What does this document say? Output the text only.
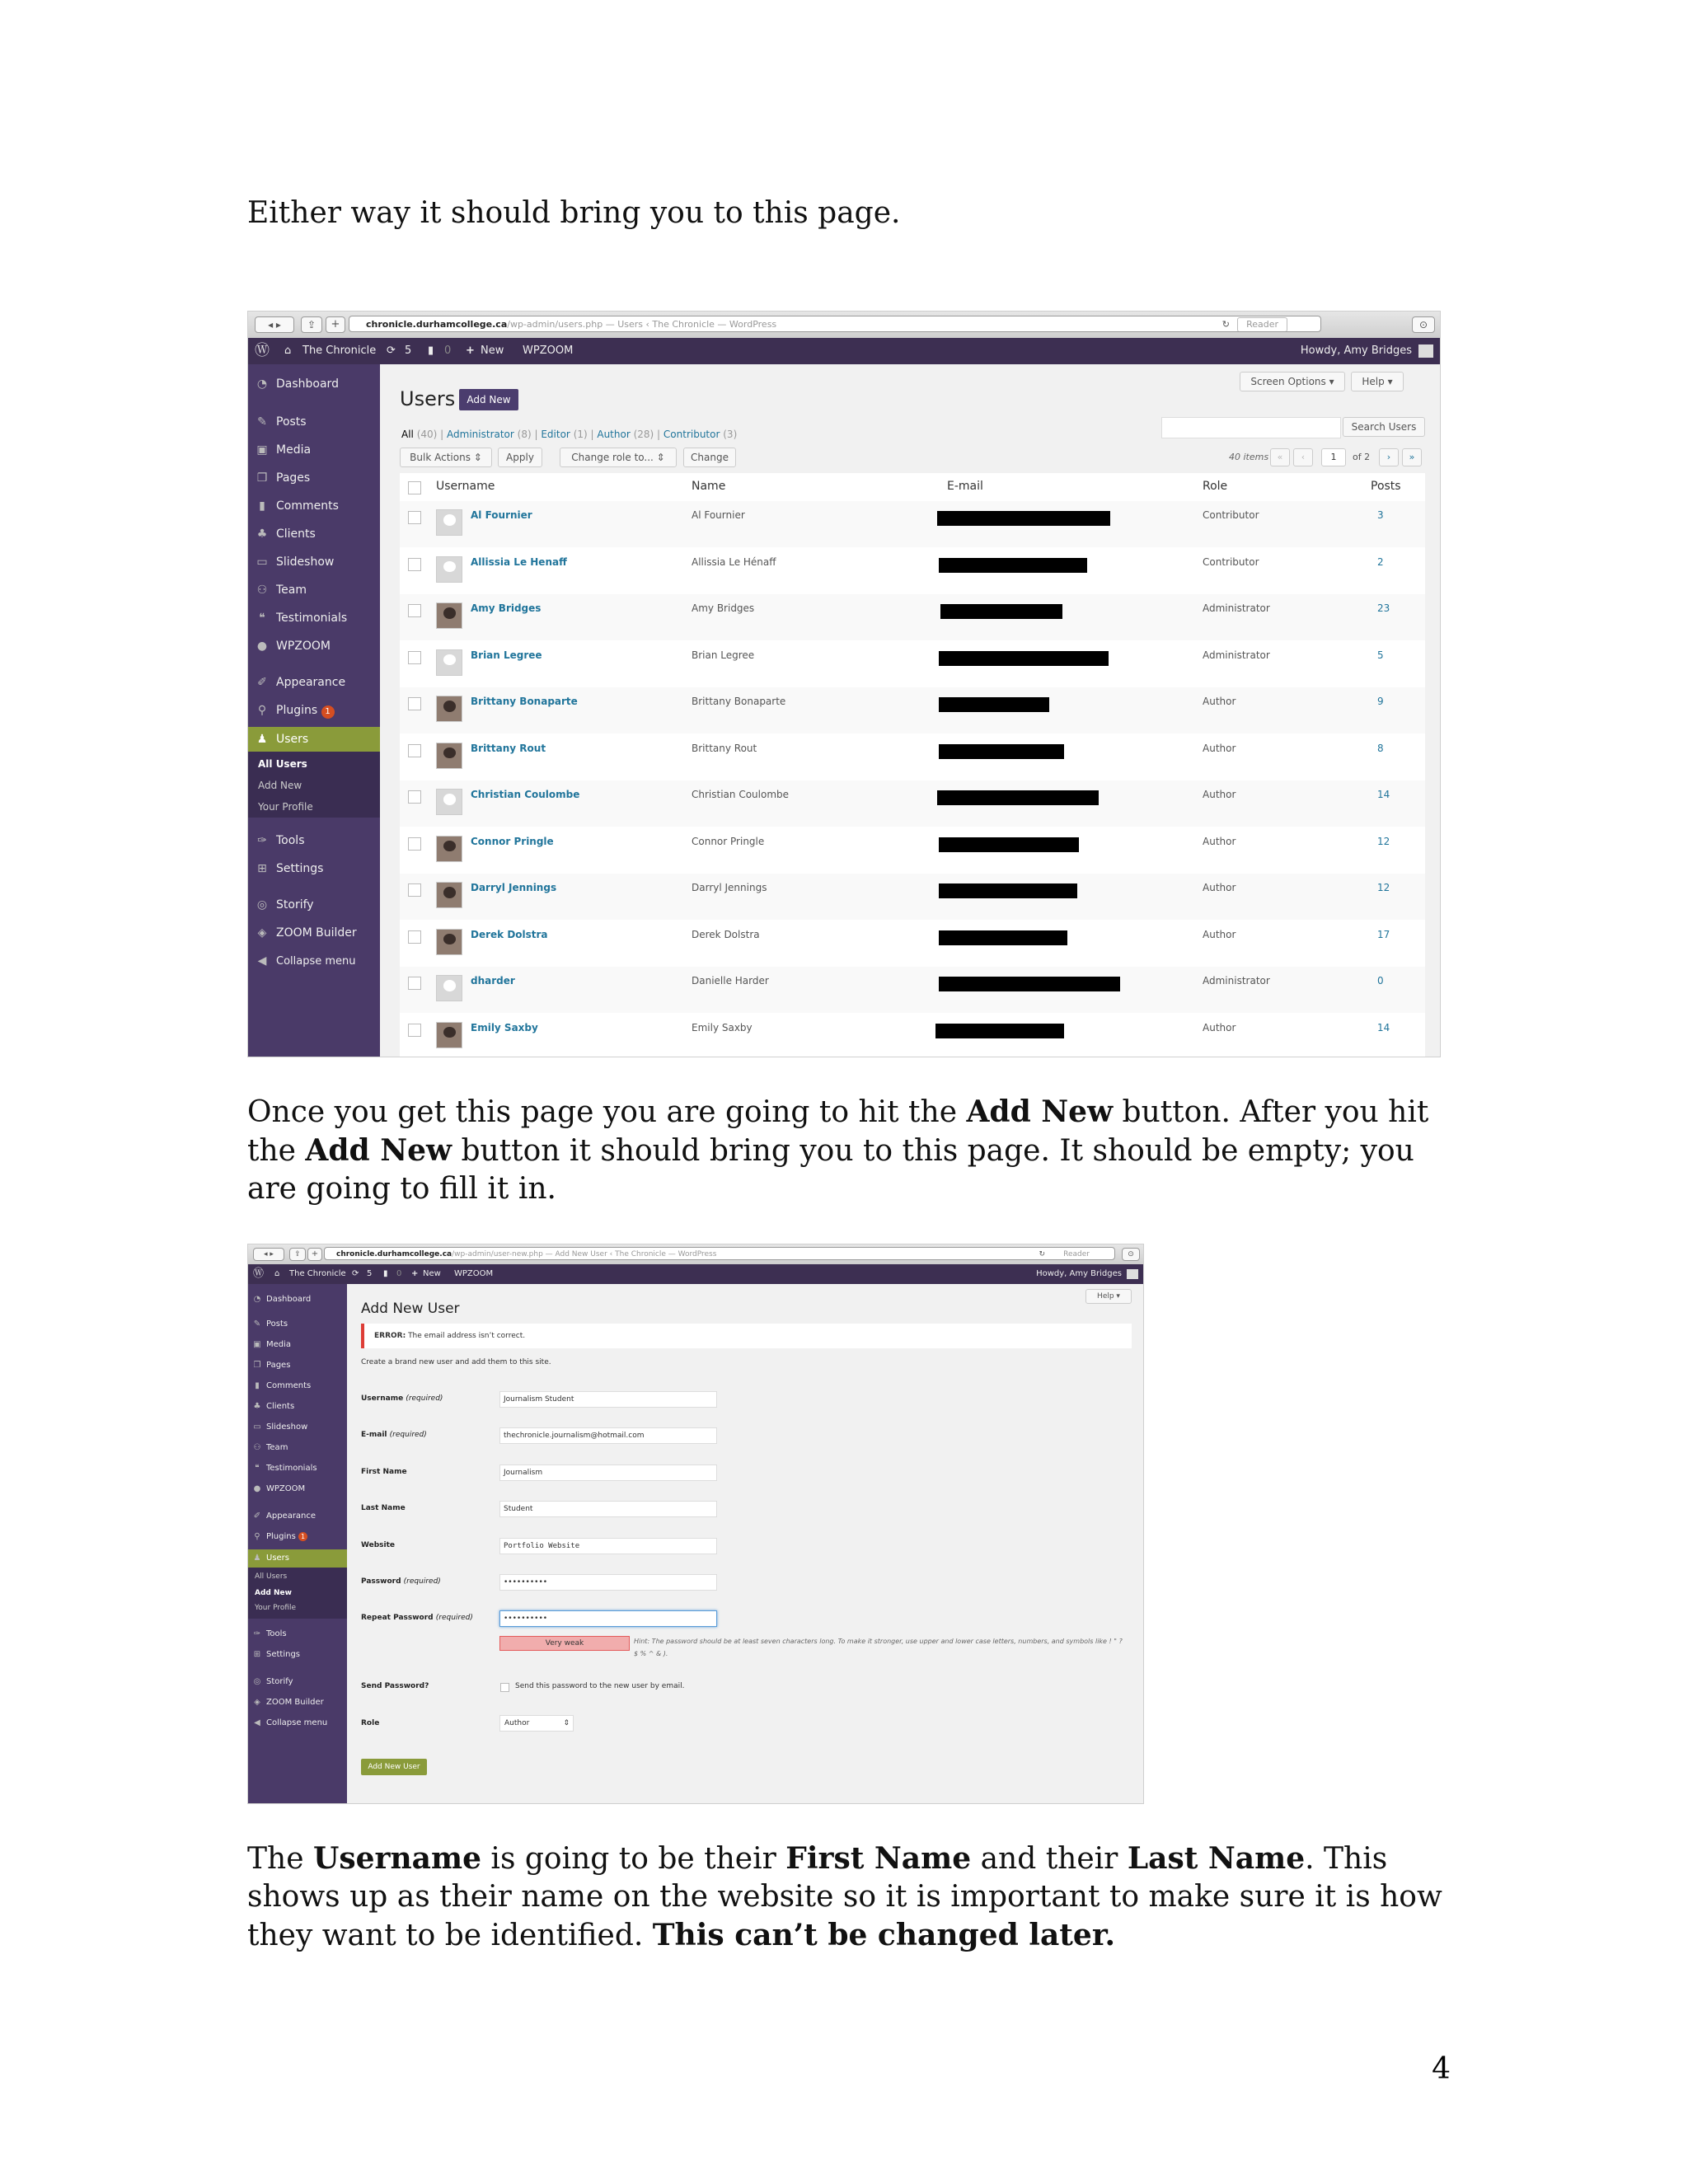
Either way it should bring you to this page.
◂ ▸	⇪	+	chronicle.durhamcollege.ca/wp-admin/users.php — Users ‹ The Chronicle — WordPress	↻	Reader	⊙
Ⓦ ⌂ The Chronicle ⟳ 5 ▮ 0 + New WPZOOM	Howdy, Amy Bridges
◔ Dashboard
✎ Posts
▣ Media
❐ Pages
▮ Comments
♣ Clients
▭ Slideshow
⚇ Team
❝ Testimonials
● WPZOOM
✐ Appearance
⚲ Plugins 1
♟ Users
All Users
Add New
Your Profile
✑ Tools
⊞ Settings
◎ Storify
◈ ZOOM Builder
◀ Collapse menu
Screen Options ▾	Help ▾
Users	Add New
All (40) | Administrator (8) | Editor (1) | Author (28) | Contributor (3)
Search Users
Bulk Actions ⇕	Apply	Change role to... ⇕	Change	40 items «	‹	1	of 2	›	»
Username	Name	E-mail	Role	Posts
Al Fournier	Al Fournier	Contributor	3
Allissia Le Henaff	Allissia Le Hénaff	Contributor	2
Amy Bridges	Amy Bridges	Administrator	23
Brian Legree	Brian Legree	Administrator	5
Brittany Bonaparte	Brittany Bonaparte	Author	9
Brittany Rout	Brittany Rout	Author	8
Christian Coulombe	Christian Coulombe	Author	14
Connor Pringle	Connor Pringle	Author	12
Darryl Jennings	Darryl Jennings	Author	12
Derek Dolstra	Derek Dolstra	Author	17
dharder	Danielle Harder	Administrator	0
Emily Saxby	Emily Saxby	Author	14
Once you get this page you are going to hit the Add New button. After you hit the Add New button it should bring you to this page. It should be empty; you are going to fill it in.
◂ ▸	⇪	+	chronicle.durhamcollege.ca/wp-admin/user-new.php — Add New User ‹ The Chronicle — WordPress	↻ Reader	⊙
Ⓦ ⌂ The Chronicle ⟳ 5 ▮ 0 + New WPZOOM	Howdy, Amy Bridges
◔ Dashboard
✎ Posts
▣ Media
❐ Pages
▮ Comments
♣ Clients
▭ Slideshow
⚇ Team
❝ Testimonials
● WPZOOM
✐ Appearance
⚲ Plugins 1
♟ Users
✑ Tools
⊞ Settings
◎ Storify
◈ ZOOM Builder
◀ Collapse menu
All Users
Add New
Your Profile
Help ▾
Add New User
ERROR: The email address isn’t correct.
Create a brand new user and add them to this site.
Username (required)	Journalism Student
E-mail (required)	thechronicle.journalism@hotmail.com
First Name	Journalism
Last Name	Student
Website	Portfolio Website
Password (required)	••••••••••
Repeat Password (required)	••••••••••
Very weak	Hint: The password should be at least seven characters long. To make it stronger, use upper and lower case letters, numbers, and symbols like ! " ? $ % ^ & ).
Send Password?	Send this password to the new user by email.
Role	Author	⇕
Add New User
The Username is going to be their First Name and their Last Name. This shows up as their name on the website so it is important to make sure it is how they want to be identified. This can’t be changed later.
4
